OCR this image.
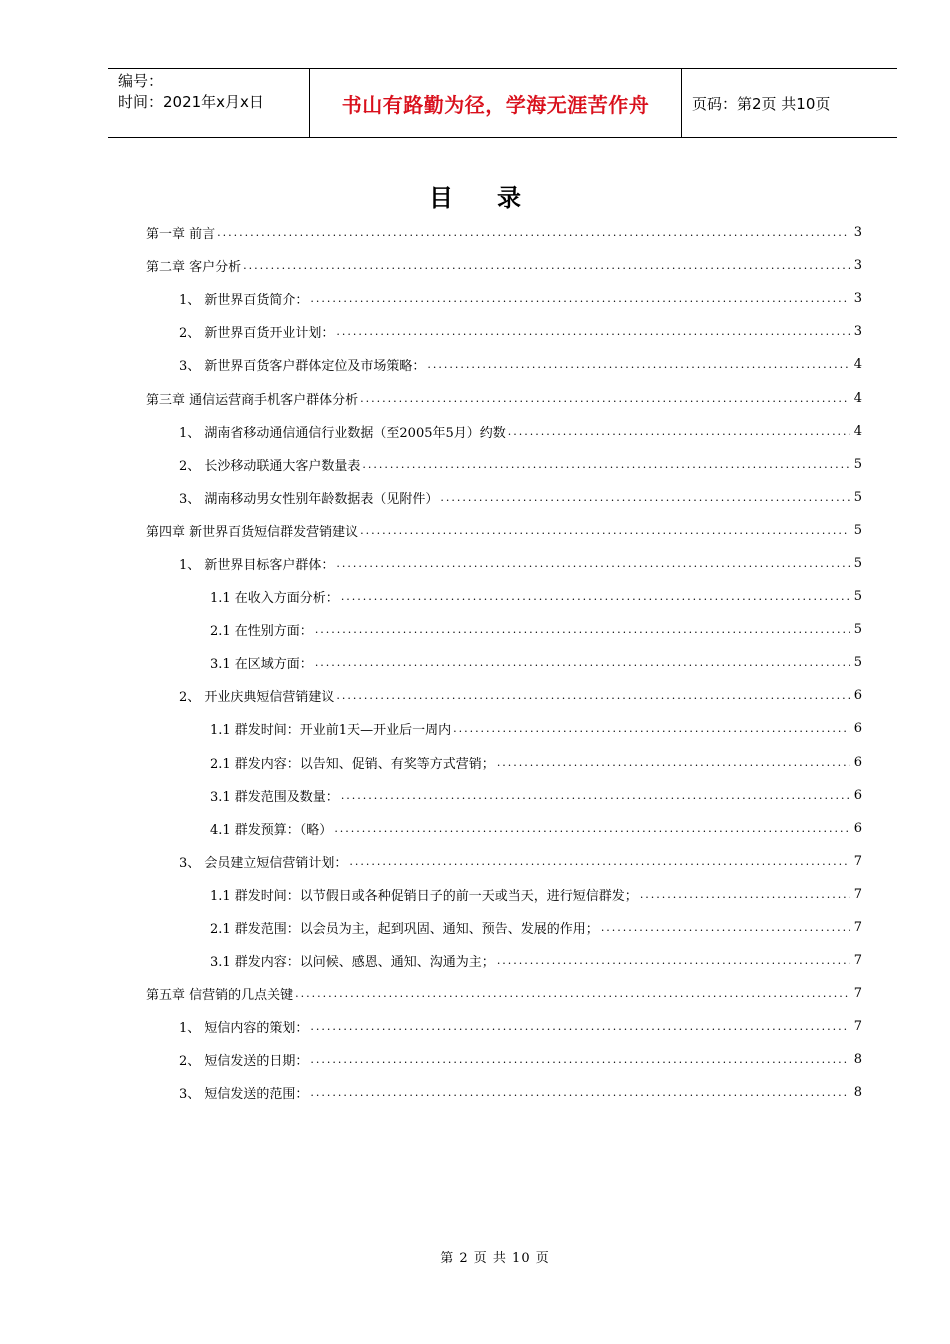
编号：
时间：2021年x月x日	书山有路勤为径，学海无涯苦作舟	页码：第2页 共10页
目 录
第一章 前言 .....	3
第二章 客户分析 .....	3
1、 新世界百货简介： .....	3
2、 新世界百货开业计划： .....	3
3、 新世界百货客户群体定位及市场策略： .....	4
第三章 通信运营商手机客户群体分析 .....	4
1、 湖南省移动通信通信行业数据（至2005年5月）约数 .....	4
2、 长沙移动联通大客户数量表 .....	5
3、 湖南移动男女性别年龄数据表（见附件） .....	5
第四章 新世界百货短信群发营销建议 .....	5
1、 新世界目标客户群体： .....	5
1.1 在收入方面分析： .....	5
2.1 在性别方面： .....	5
3.1 在区域方面： .....	5
2、 开业庆典短信营销建议 .....	6
1.1 群发时间：开业前1天—开业后一周内 .....	6
2.1 群发内容：以告知、促销、有奖等方式营销； .....	6
3.1 群发范围及数量： .....	6
4.1 群发预算：（略） .....	6
3、 会员建立短信营销计划： .....	7
1.1 群发时间：以节假日或各种促销日子的前一天或当天，进行短信群发； .....	7
2.1 群发范围：以会员为主，起到巩固、通知、预告、发展的作用； .....	7
3.1 群发内容：以问候、感恩、通知、沟通为主； .....	7
第五章 信营销的几点关键 .....	7
1、 短信内容的策划： .....	7
2、 短信发送的日期： .....	8
3、 短信发送的范围： .....	8
第 2 页 共 10 页
